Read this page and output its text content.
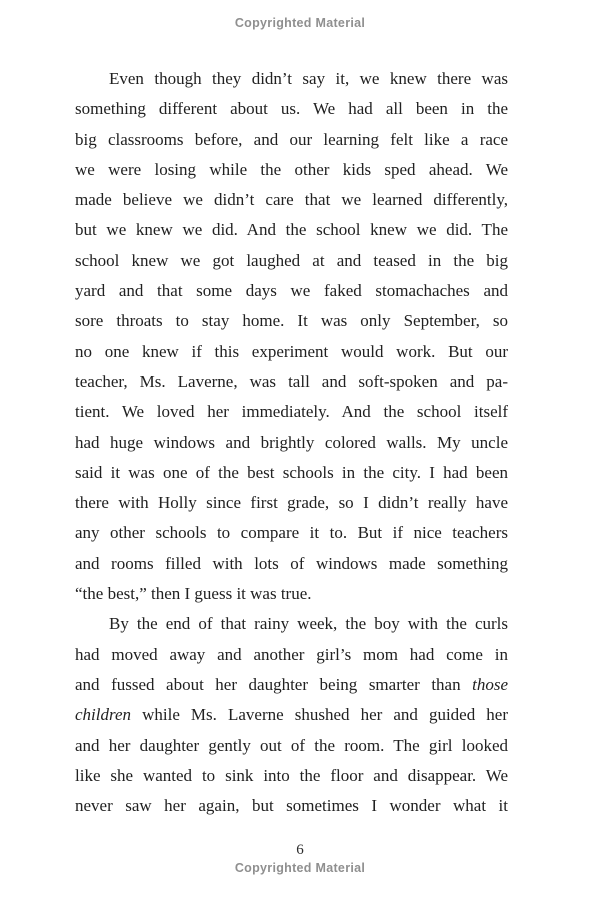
Copyrighted Material
Even though they didn’t say it, we knew there was
something different about us. We had all been in the
big classrooms before, and our learning felt like a race
we were losing while the other kids sped ahead. We
made believe we didn’t care that we learned differently,
but we knew we did. And the school knew we did. The
school knew we got laughed at and teased in the big
yard and that some days we faked stomachaches and
sore throats to stay home. It was only September, so
no one knew if this experiment would work. But our
teacher, Ms. Laverne, was tall and soft-spoken and pa-
tient. We loved her immediately. And the school itself
had huge windows and brightly colored walls. My uncle
said it was one of the best schools in the city. I had been
there with Holly since first grade, so I didn’t really have
any other schools to compare it to. But if nice teachers
and rooms filled with lots of windows made something
“the best,” then I guess it was true.
By the end of that rainy week, the boy with the curls
had moved away and another girl’s mom had come in
and fussed about her daughter being smarter than those
children while Ms. Laverne shushed her and guided her
and her daughter gently out of the room. The girl looked
like she wanted to sink into the floor and disappear. We
never saw her again, but sometimes I wonder what it
6
Copyrighted Material
